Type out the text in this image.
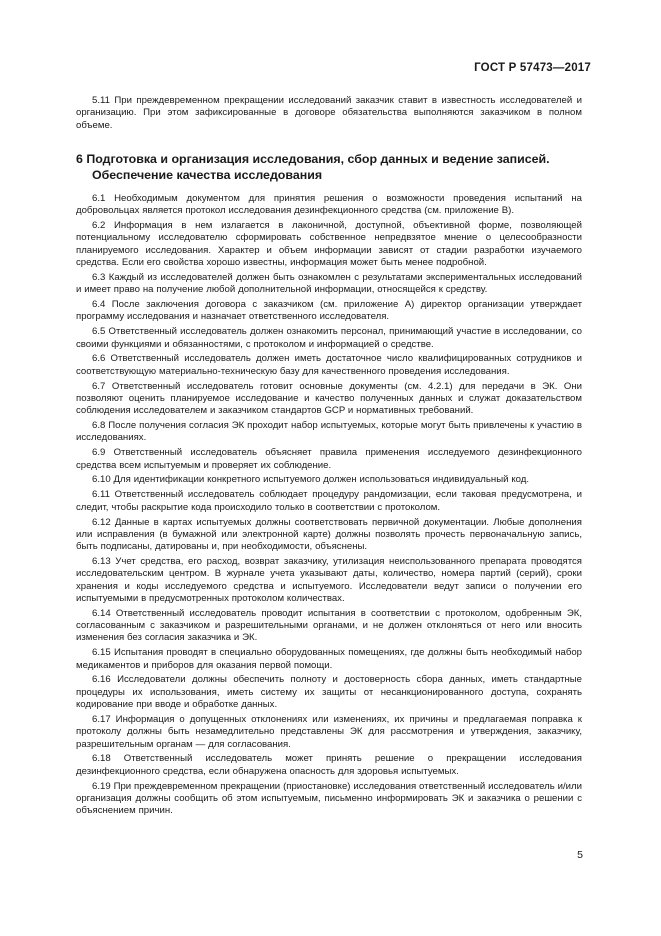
ГОСТ Р 57473—2017

5.11 При преждевременном прекращении исследований заказчик ставит в известность исследователей и организацию. При этом зафиксированные в договоре обязательства выполняются заказчиком в полном объеме.

6 Подготовка и организация исследования, сбор данных и ведение записей.
Обеспечение качества исследования

6.1 Необходимым документом для принятия решения о возможности проведения испытаний на добровольцах является протокол исследования дезинфекционного средства (см. приложение В).

6.2 Информация в нем излагается в лаконичной, доступной, объективной форме, позволяющей потенциальному исследователю сформировать собственное непредвзятое мнение о целесообразности планируемого исследования. Характер и объем информации зависят от стадии разработки изучаемого средства. Если его свойства хорошо известны, информация может быть менее подробной.

6.3 Каждый из исследователей должен быть ознакомлен с результатами экспериментальных исследований и имеет право на получение любой дополнительной информации, относящейся к средству.

6.4 После заключения договора с заказчиком (см. приложение А) директор организации утверждает программу исследования и назначает ответственного исследователя.

6.5 Ответственный исследователь должен ознакомить персонал, принимающий участие в исследовании, со своими функциями и обязанностями, с протоколом и информацией о средстве.

6.6 Ответственный исследователь должен иметь достаточное число квалифицированных сотрудников и соответствующую материально-техническую базу для качественного проведения исследования.

6.7 Ответственный исследователь готовит основные документы (см. 4.2.1) для передачи в ЭК. Они позволяют оценить планируемое исследование и качество полученных данных и служат доказательством соблюдения исследователем и заказчиком стандартов GCP и нормативных требований.

6.8 После получения согласия ЭК проходит набор испытуемых, которые могут быть привлечены к участию в исследованиях.

6.9 Ответственный исследователь объясняет правила применения исследуемого дезинфекционного средства всем испытуемым и проверяет их соблюдение.

6.10 Для идентификации конкретного испытуемого должен использоваться индивидуальный код.

6.11 Ответственный исследователь соблюдает процедуру рандомизации, если таковая предусмотрена, и следит, чтобы раскрытие кода происходило только в соответствии с протоколом.

6.12 Данные в картах испытуемых должны соответствовать первичной документации. Любые дополнения или исправления (в бумажной или электронной карте) должны позволять прочесть первоначальную запись, быть подписаны, датированы и, при необходимости, объяснены.

6.13 Учет средства, его расход, возврат заказчику, утилизация неиспользованного препарата проводятся исследовательским центром. В журнале учета указывают даты, количество, номера партий (серий), сроки хранения и коды исследуемого средства и испытуемого. Исследователи ведут записи о получении его испытуемыми в предусмотренных протоколом количествах.

6.14 Ответственный исследователь проводит испытания в соответствии с протоколом, одобренным ЭК, согласованным с заказчиком и разрешительными органами, и не должен отклоняться от него или вносить изменения без согласия заказчика и ЭК.

6.15 Испытания проводят в специально оборудованных помещениях, где должны быть необходимый набор медикаментов и приборов для оказания первой помощи.

6.16 Исследователи должны обеспечить полноту и достоверность сбора данных, иметь стандартные процедуры их использования, иметь систему их защиты от несанкционированного доступа, сохранять кодирование при вводе и обработке данных.

6.17 Информация о допущенных отклонениях или изменениях, их причины и предлагаемая поправка к протоколу должны быть незамедлительно представлены ЭК для рассмотрения и утверждения, заказчику, разрешительным органам — для согласования.

6.18 Ответственный исследователь может принять решение о прекращении исследования дезинфекционного средства, если обнаружена опасность для здоровья испытуемых.

6.19 При преждевременном прекращении (приостановке) исследования ответственный исследователь и/или организация должны сообщить об этом испытуемым, письменно информировать ЭК и заказчика о решении с объяснением причин.

5
